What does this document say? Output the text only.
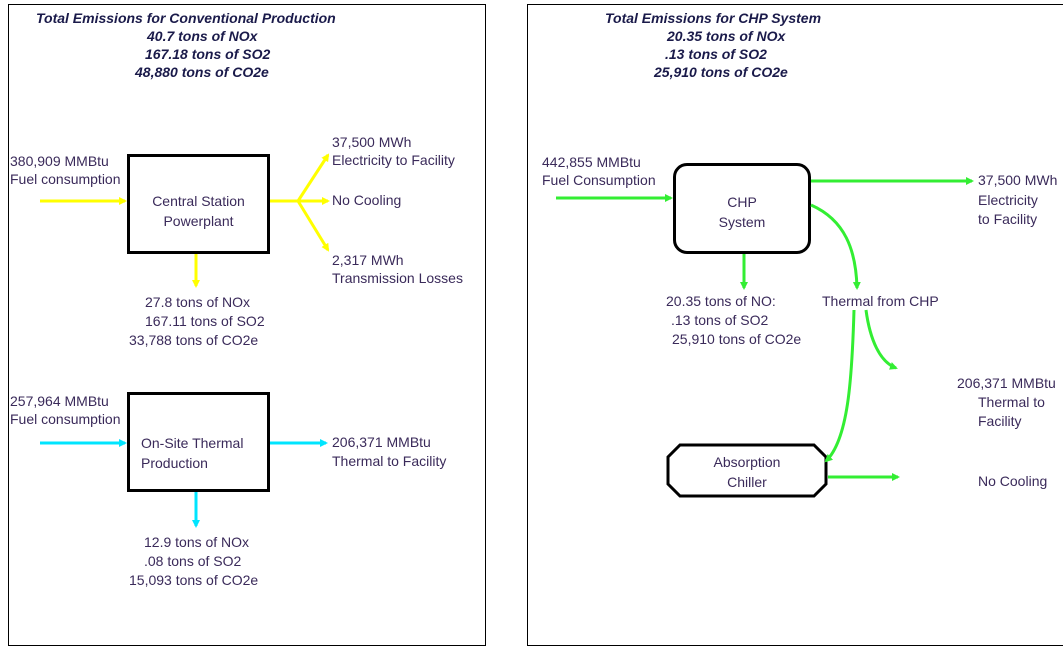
Total Emissions for Conventional Production
40.7 tons of NOx
167.18 tons of SO2
48,880 tons of CO2e
380,909 MMBtu
Fuel consumption
Central Station
Powerplant
37,500 MWh
Electricity to Facility
No Cooling
2,317 MWh
Transmission Losses
27.8 tons of NOx
167.11 tons of SO2
33,788 tons of CO2e
257,964 MMBtu
Fuel consumption
On-Site Thermal
Production
206,371 MMBtu
Thermal to Facility
12.9 tons of NOx
.08 tons of SO2
15,093 tons of CO2e
Total Emissions for CHP System
20.35 tons of NOx
.13 tons of SO2
25,910 tons of CO2e
442,855 MMBtu
Fuel Consumption
CHP
System
37,500 MWh
Electricity
to Facility
20.35 tons of NO:
.13 tons of SO2
25,910 tons of CO2e
Thermal from CHP
206,371 MMBtu
Thermal to
Facility
No Cooling
Absorption
Chiller
